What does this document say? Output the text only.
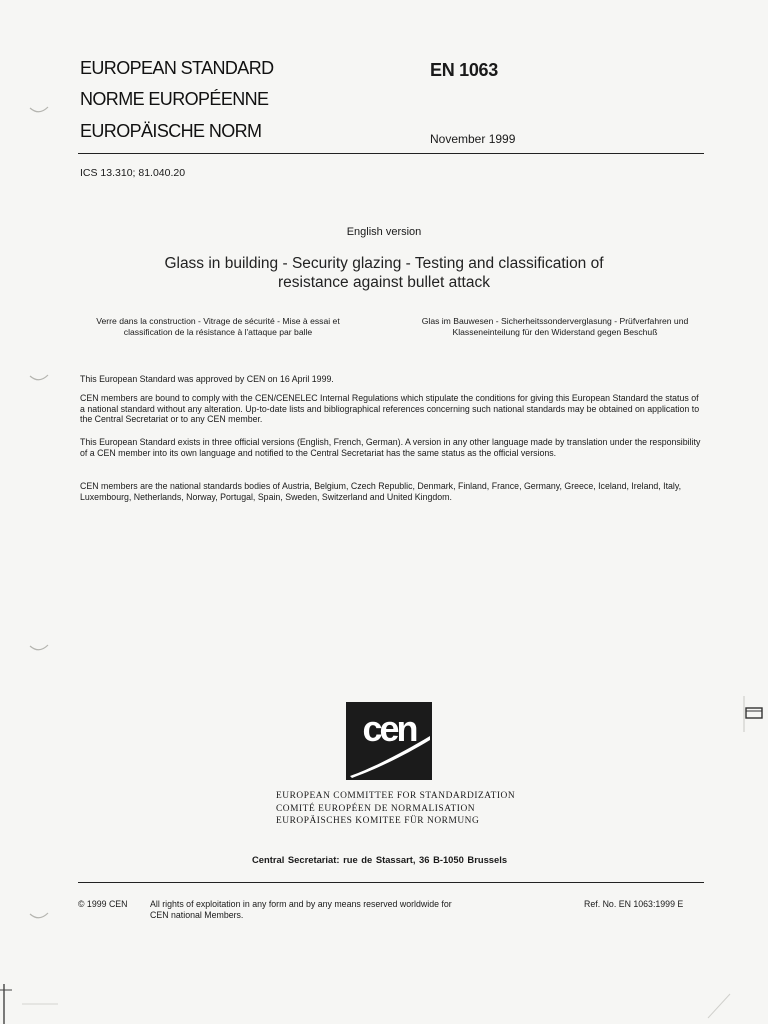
EUROPEAN STANDARD
NORME EUROPÉENNE
EUROPÄISCHE NORM
EN 1063
November 1999
ICS 13.310; 81.040.20
English version
Glass in building - Security glazing - Testing and classification of
resistance against bullet attack
Verre dans la construction - Vitrage de sécurité - Mise à essai et classification de la résistance à l'attaque par balle
Glas im Bauwesen - Sicherheitssonderverglasung - Prüfverfahren und Klasseneinteilung für den Widerstand gegen Beschuß
This European Standard was approved by CEN on 16 April 1999.
CEN members are bound to comply with the CEN/CENELEC Internal Regulations which stipulate the conditions for giving this European Standard the status of a national standard without any alteration. Up-to-date lists and bibliographical references concerning such national standards may be obtained on application to the Central Secretariat or to any CEN member.
This European Standard exists in three official versions (English, French, German). A version in any other language made by translation under the responsibility of a CEN member into its own language and notified to the Central Secretariat has the same status as the official versions.
CEN members are the national standards bodies of Austria, Belgium, Czech Republic, Denmark, Finland, France, Germany, Greece, Iceland, Ireland, Italy, Luxembourg, Netherlands, Norway, Portugal, Spain, Sweden, Switzerland and United Kingdom.
cen
EUROPEAN COMMITTEE FOR STANDARDIZATION
COMITÉ EUROPÉEN DE NORMALISATION
EUROPÄISCHES KOMITEE FÜR NORMUNG
Central Secretariat: rue de Stassart, 36 B-1050 Brussels
© 1999 CEN	All rights of exploitation in any form and by any means reserved worldwide for CEN national Members.
Ref. No. EN 1063:1999 E
